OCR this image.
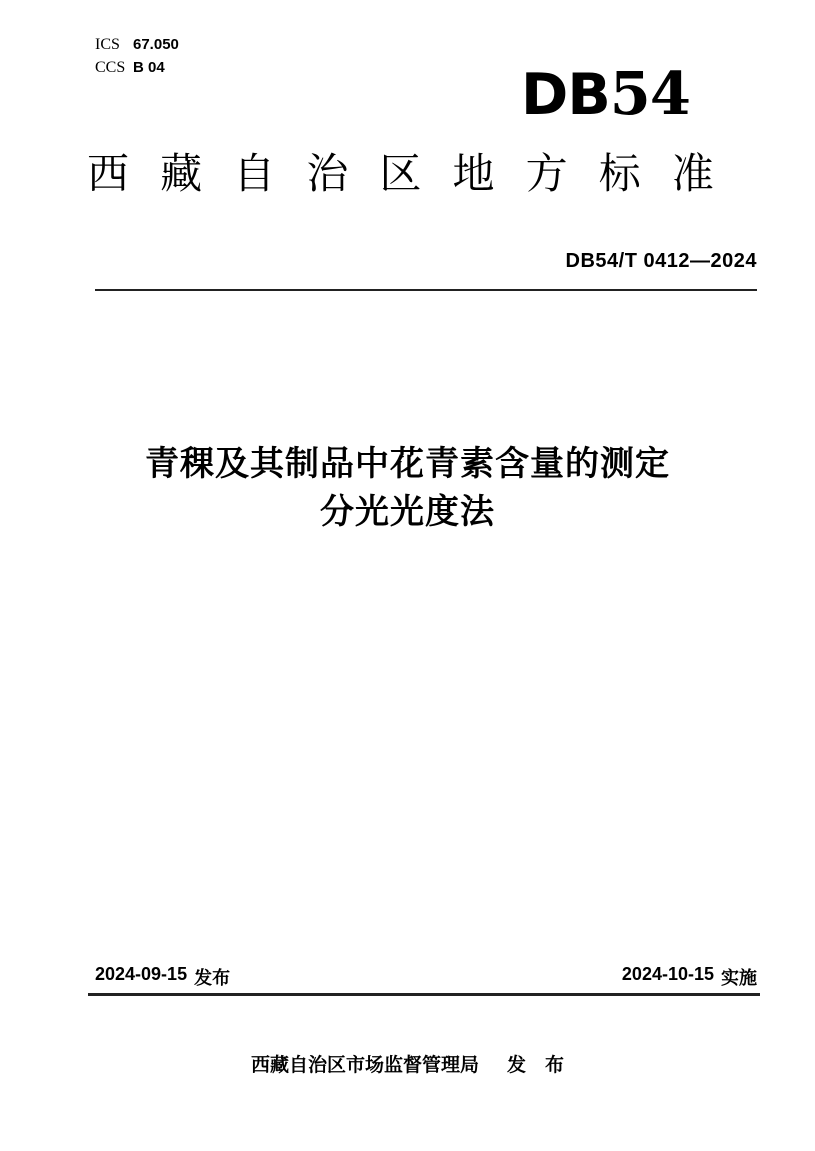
ICS 67.050
CCS B 04	DB54
西 藏 自 治 区 地 方 标 准
DB54/T 0412—2024
青稞及其制品中花青素含量的测定
分光光度法
2024-09-15 发布	2024-10-15 实施
西藏自治区市场监督管理局 发　布
